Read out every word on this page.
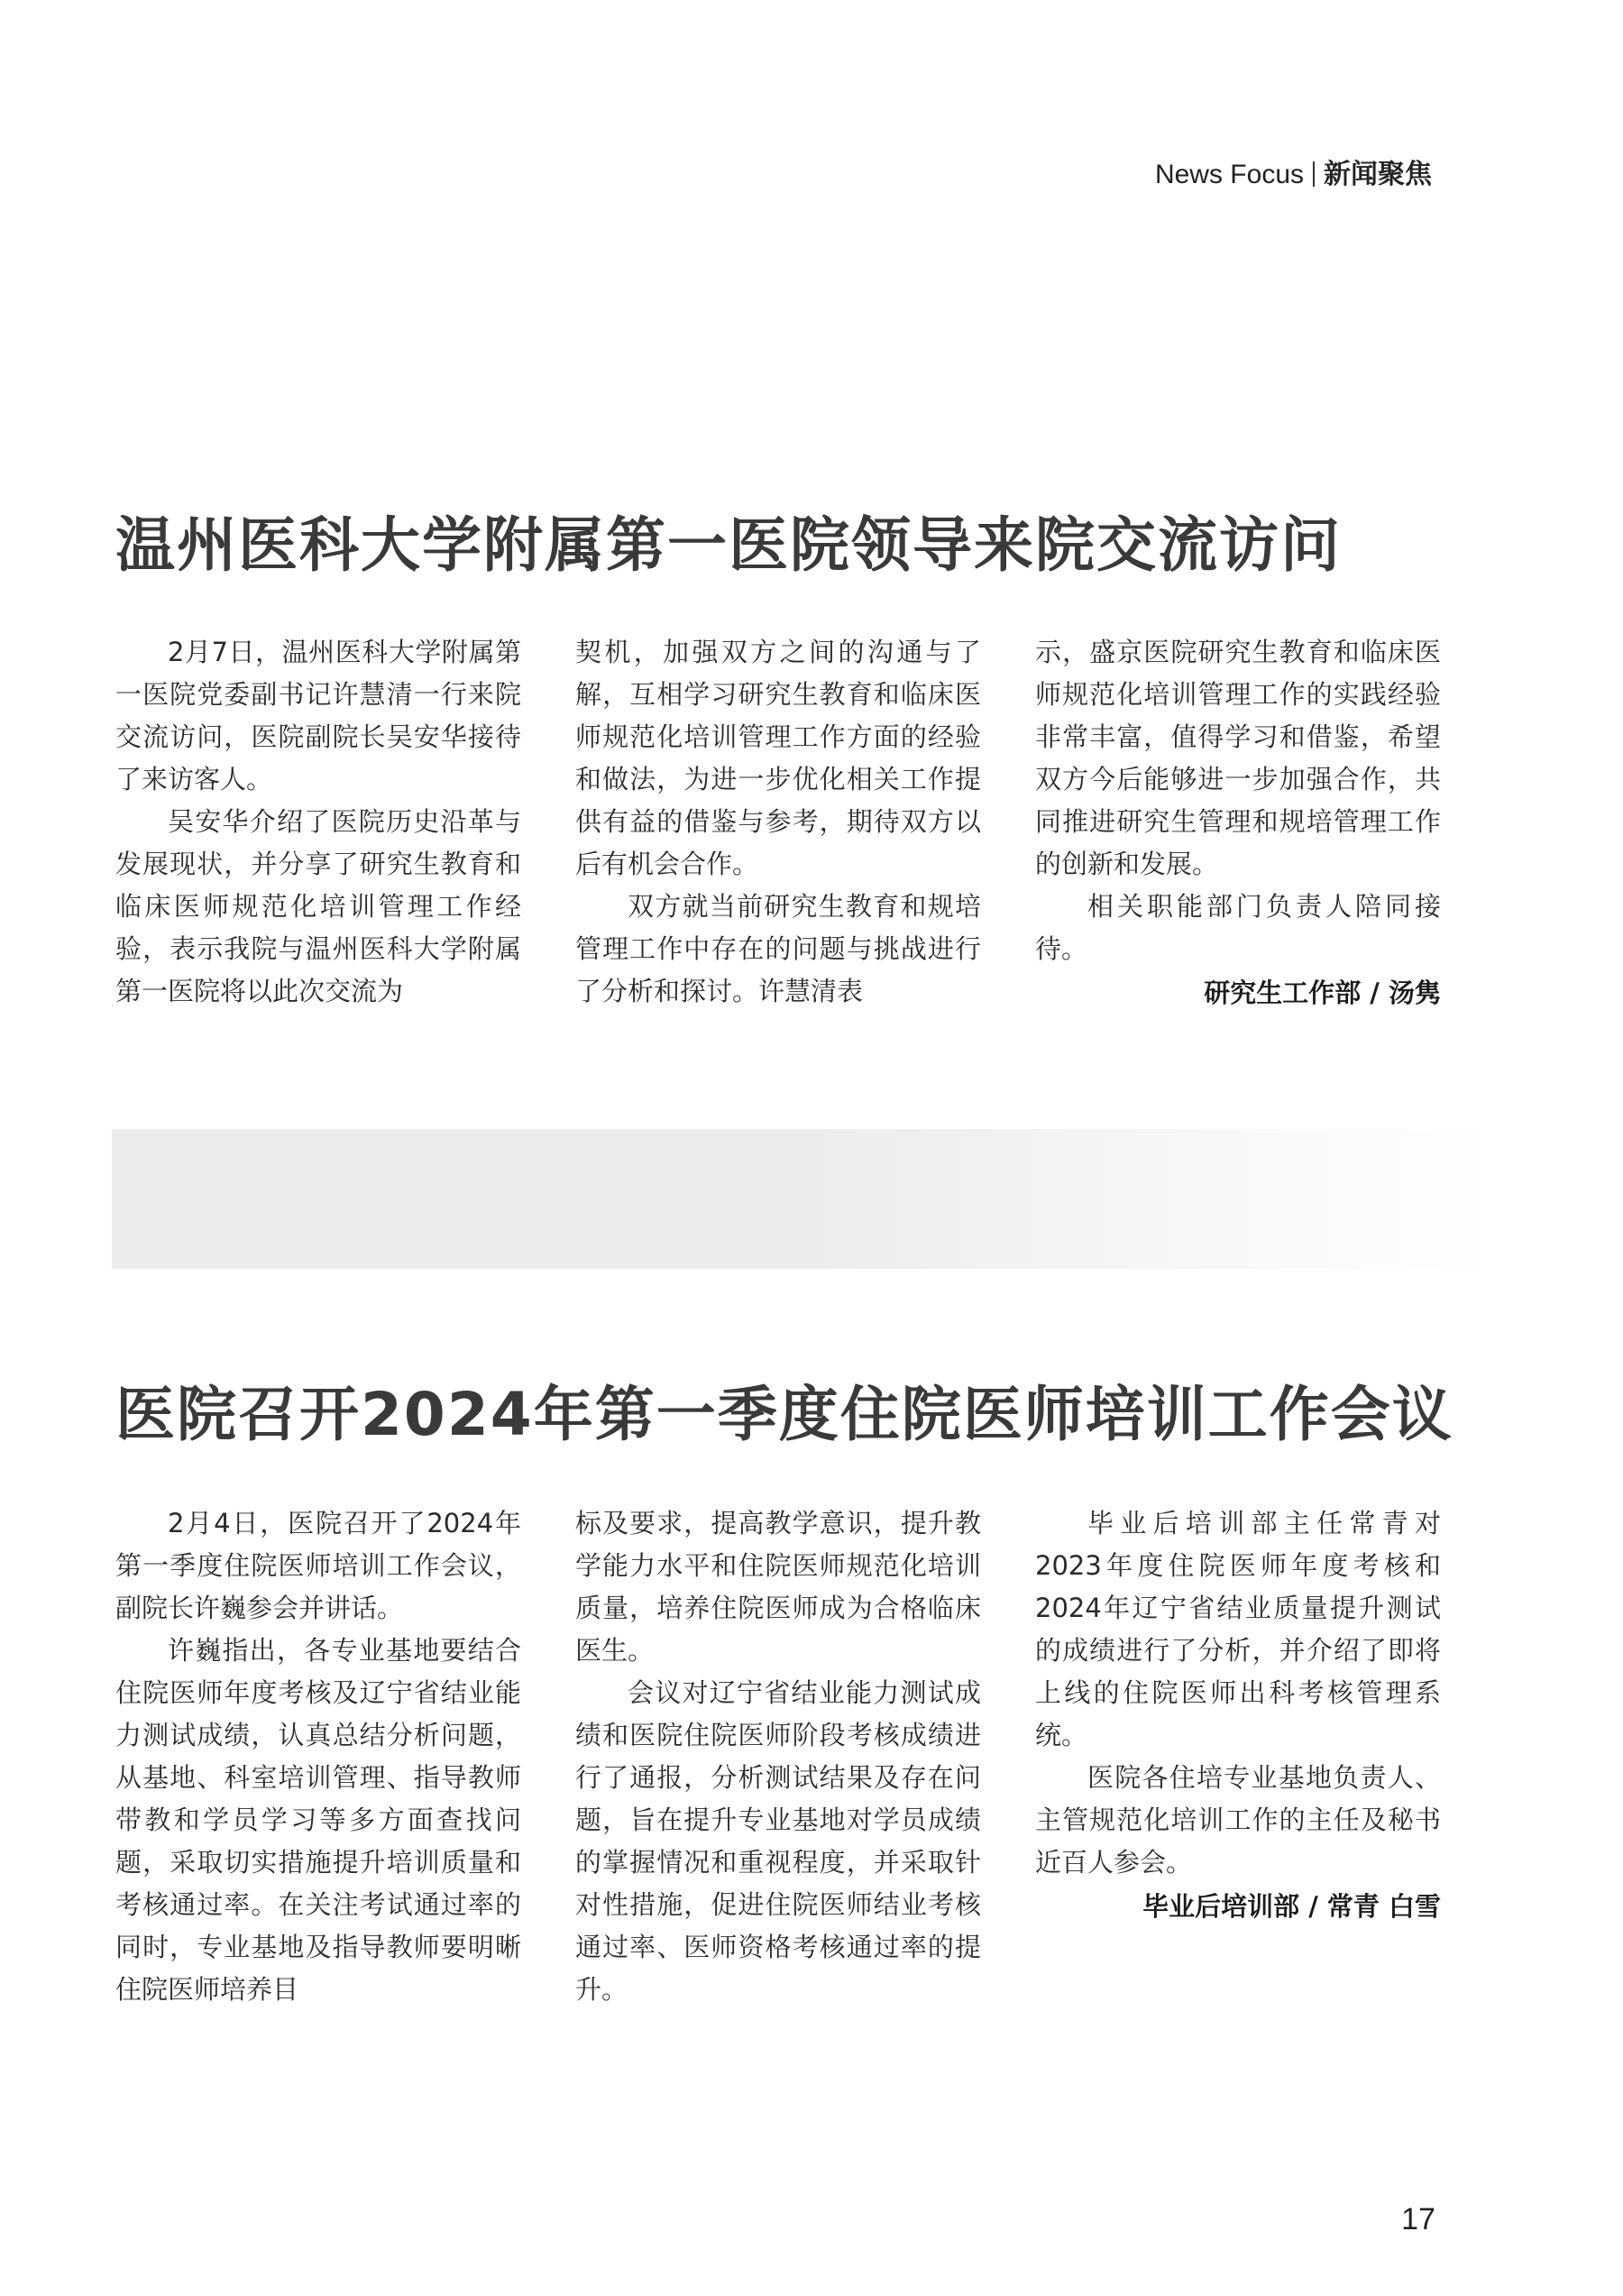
News Focus 新闻聚焦
温州医科大学附属第一医院领导来院交流访问

2月7日，温州医科大学附属第一医院党委副书记许慧清一行来院交流访问，医院副院长吴安华接待了来访客人。

吴安华介绍了医院历史沿革与发展现状，并分享了研究生教育和临床医师规范化培训管理工作经验，表示我院与温州医科大学附属第一医院将以此次交流为

契机，加强双方之间的沟通与了解，互相学习研究生教育和临床医师规范化培训管理工作方面的经验和做法，为进一步优化相关工作提供有益的借鉴与参考，期待双方以后有机会合作。

双方就当前研究生教育和规培管理工作中存在的问题与挑战进行了分析和探讨。许慧清表

示，盛京医院研究生教育和临床医师规范化培训管理工作的实践经验非常丰富，值得学习和借鉴，希望双方今后能够进一步加强合作，共同推进研究生管理和规培管理工作的创新和发展。

相关职能部门负责人陪同接待。

研究生工作部 / 汤隽
医院召开2024年第一季度住院医师培训工作会议

2月4日，医院召开了2024年第一季度住院医师培训工作会议，副院长许巍参会并讲话。

许巍指出，各专业基地要结合住院医师年度考核及辽宁省结业能力测试成绩，认真总结分析问题，从基地、科室培训管理、指导教师带教和学员学习等多方面查找问题，采取切实措施提升培训质量和考核通过率。在关注考试通过率的同时，专业基地及指导教师要明晰住院医师培养目

标及要求，提高教学意识，提升教学能力水平和住院医师规范化培训质量，培养住院医师成为合格临床医生。

会议对辽宁省结业能力测试成绩和医院住院医师阶段考核成绩进行了通报，分析测试结果及存在问题，旨在提升专业基地对学员成绩的掌握情况和重视程度，并采取针对性措施，促进住院医师结业考核通过率、医师资格考核通过率的提升。

毕业后培训部主任常青对2023年度住院医师年度考核和2024年辽宁省结业质量提升测试的成绩进行了分析，并介绍了即将上线的住院医师出科考核管理系统。

医院各住培专业基地负责人、主管规范化培训工作的主任及秘书近百人参会。

毕业后培训部 / 常青 白雪
17
